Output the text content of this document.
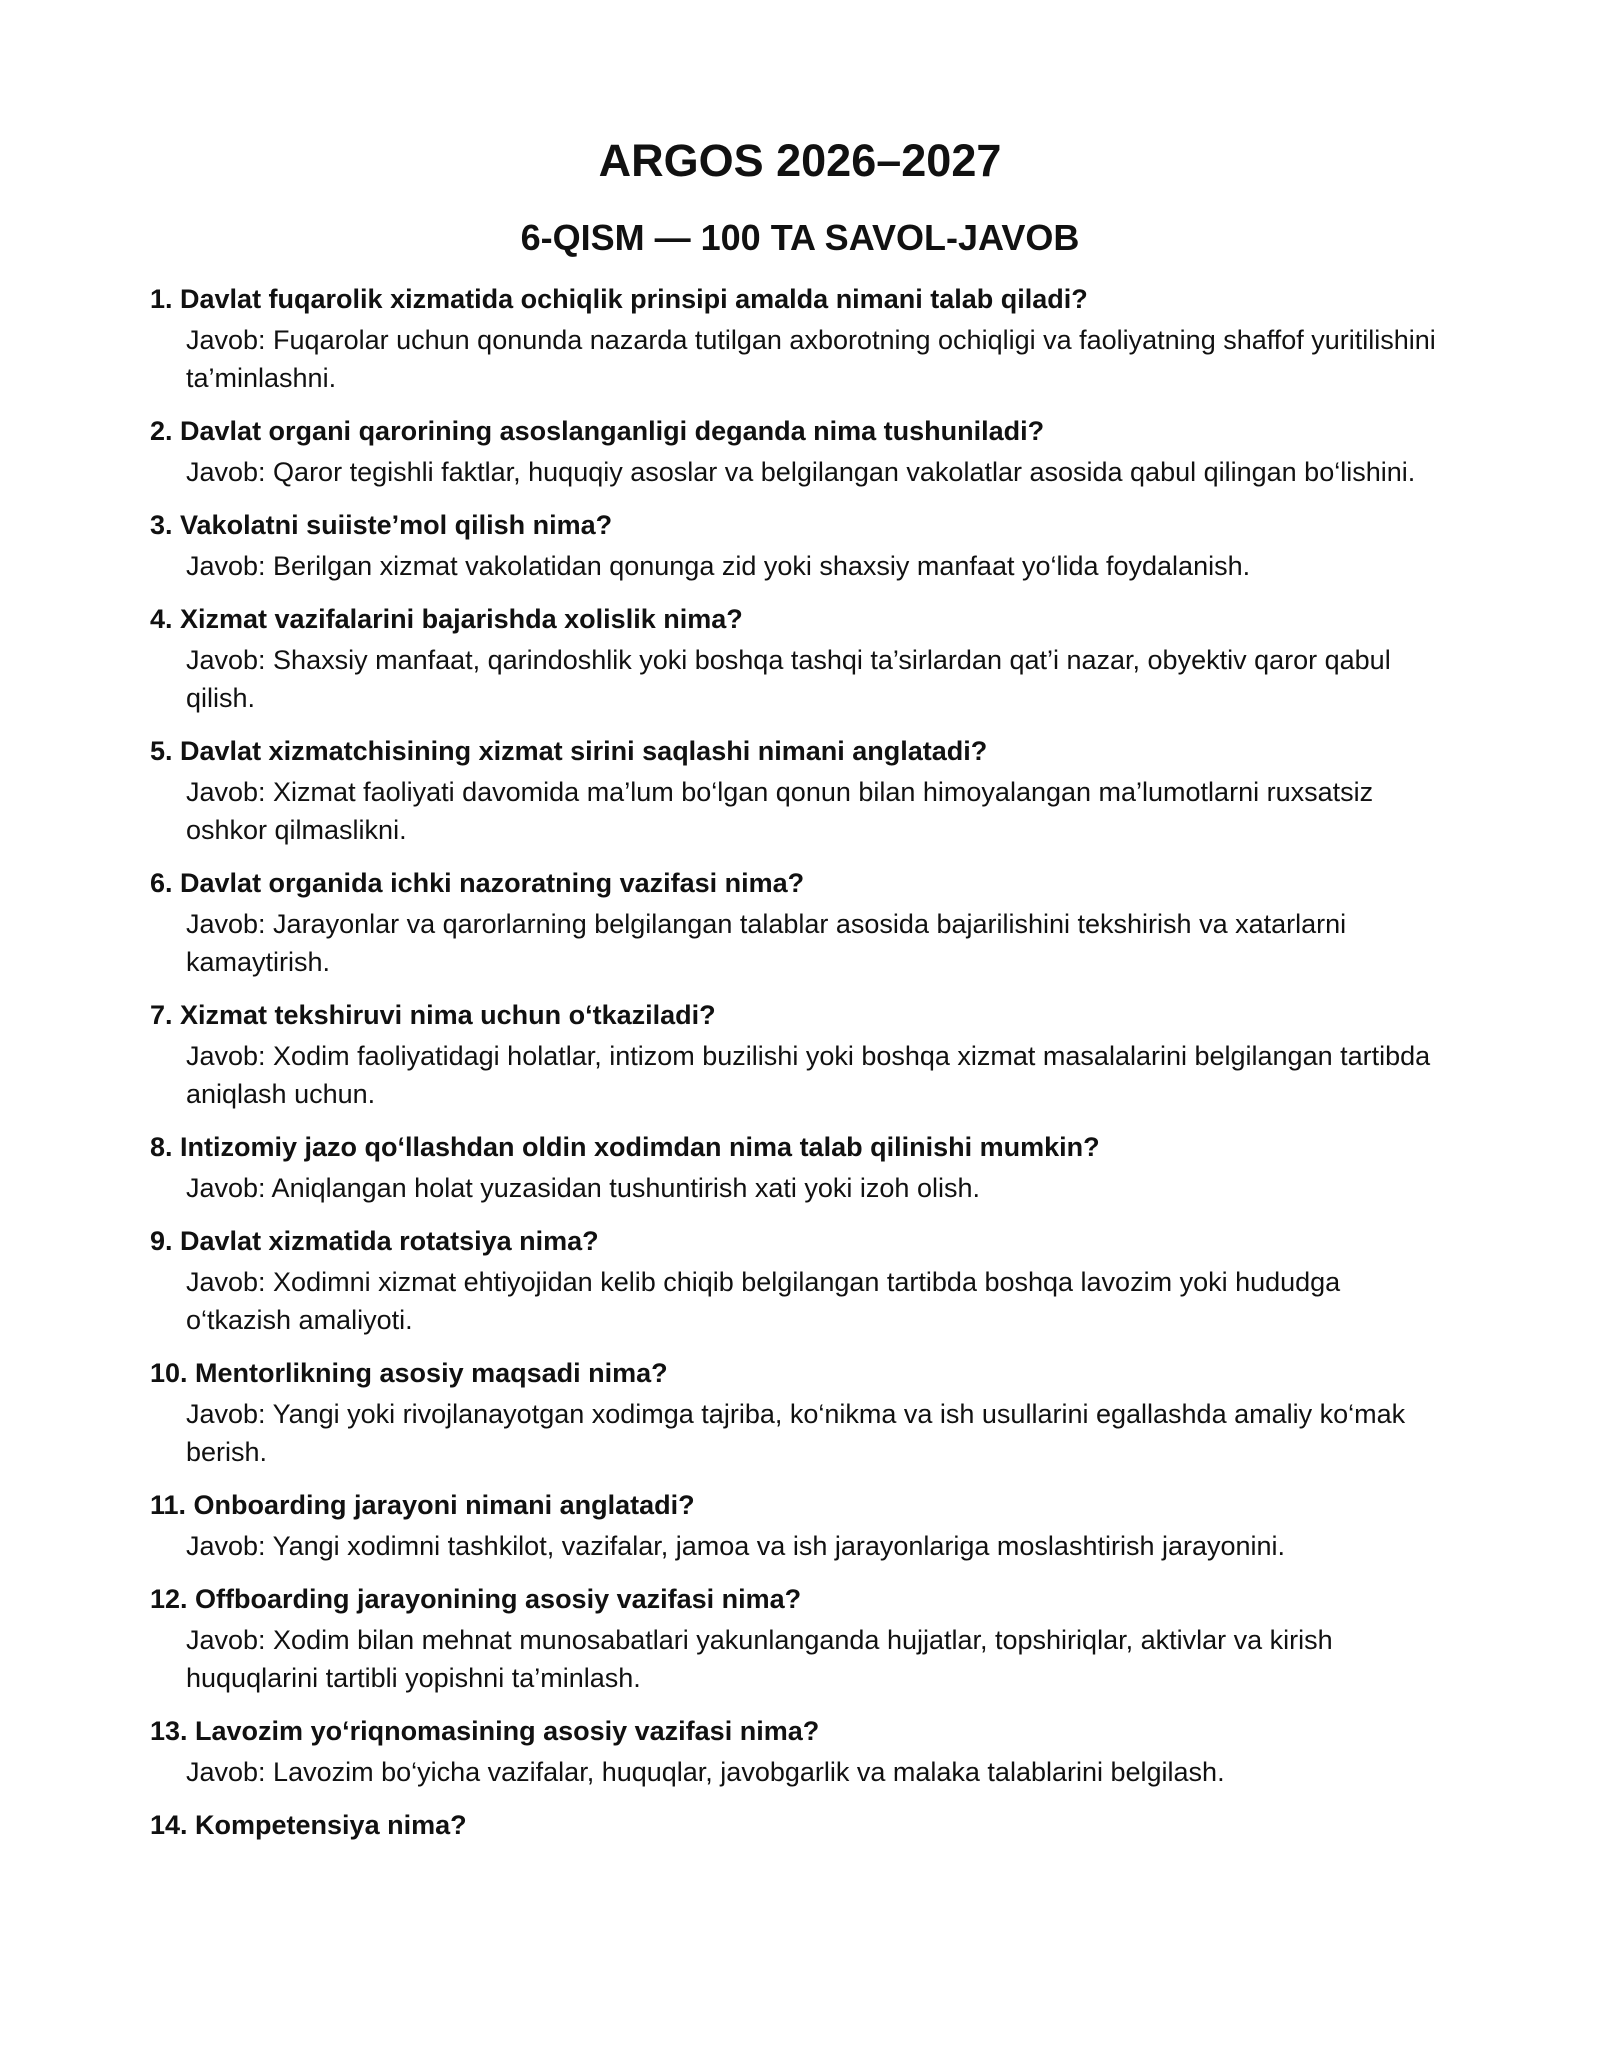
ARGOS 2026–2027
6-QISM — 100 TA SAVOL-JAVOB
1. Davlat fuqarolik xizmatida ochiqlik prinsipi amalda nimani talab qiladi?
Javob: Fuqarolar uchun qonunda nazarda tutilgan axborotning ochiqligi va faoliyatning shaffof yuritilishini ta’minlashni.
2. Davlat organi qarorining asoslanganligi deganda nima tushuniladi?
Javob: Qaror tegishli faktlar, huquqiy asoslar va belgilangan vakolatlar asosida qabul qilingan bo‘lishini.
3. Vakolatni suiiste’mol qilish nima?
Javob: Berilgan xizmat vakolatidan qonunga zid yoki shaxsiy manfaat yo‘lida foydalanish.
4. Xizmat vazifalarini bajarishda xolislik nima?
Javob: Shaxsiy manfaat, qarindoshlik yoki boshqa tashqi ta’sirlardan qat’i nazar, obyektiv qaror qabul qilish.
5. Davlat xizmatchisining xizmat sirini saqlashi nimani anglatadi?
Javob: Xizmat faoliyati davomida ma’lum bo‘lgan qonun bilan himoyalangan ma’lumotlarni ruxsatsiz oshkor qilmaslikni.
6. Davlat organida ichki nazoratning vazifasi nima?
Javob: Jarayonlar va qarorlarning belgilangan talablar asosida bajarilishini tekshirish va xatarlarni kamaytirish.
7. Xizmat tekshiruvi nima uchun o‘tkaziladi?
Javob: Xodim faoliyatidagi holatlar, intizom buzilishi yoki boshqa xizmat masalalarini belgilangan tartibda aniqlash uchun.
8. Intizomiy jazo qo‘llashdan oldin xodimdan nima talab qilinishi mumkin?
Javob: Aniqlangan holat yuzasidan tushuntirish xati yoki izoh olish.
9. Davlat xizmatida rotatsiya nima?
Javob: Xodimni xizmat ehtiyojidan kelib chiqib belgilangan tartibda boshqa lavozim yoki hududga o‘tkazish amaliyoti.
10. Mentorlikning asosiy maqsadi nima?
Javob: Yangi yoki rivojlanayotgan xodimga tajriba, ko‘nikma va ish usullarini egallashda amaliy ko‘mak berish.
11. Onboarding jarayoni nimani anglatadi?
Javob: Yangi xodimni tashkilot, vazifalar, jamoa va ish jarayonlariga moslashtirish jarayonini.
12. Offboarding jarayonining asosiy vazifasi nima?
Javob: Xodim bilan mehnat munosabatlari yakunlanganda hujjatlar, topshiriqlar, aktivlar va kirish huquqlarini tartibli yopishni ta’minlash.
13. Lavozim yo‘riqnomasining asosiy vazifasi nima?
Javob: Lavozim bo‘yicha vazifalar, huquqlar, javobgarlik va malaka talablarini belgilash.
14. Kompetensiya nima?
